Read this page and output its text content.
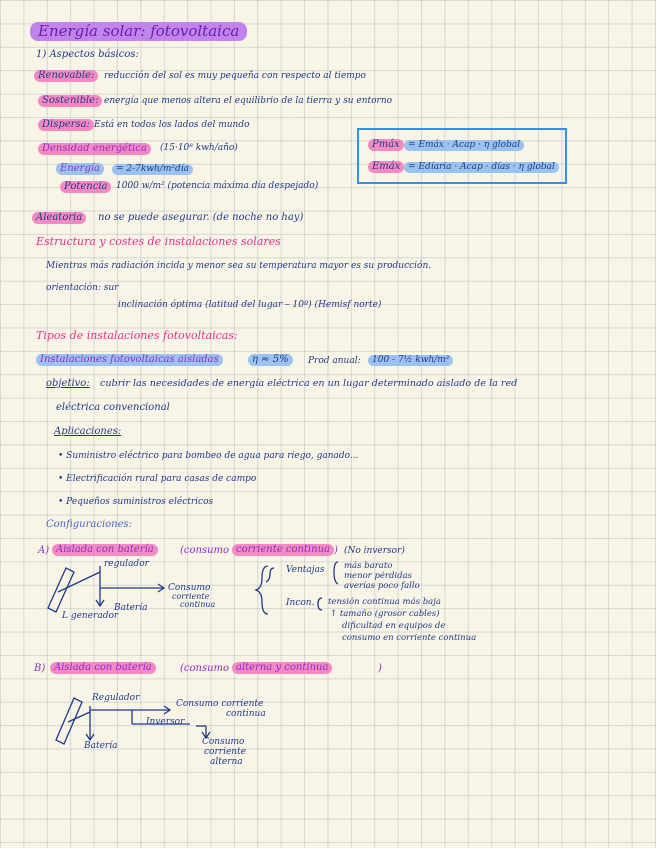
Energía solar: fotovoltaica
1) Aspectos básicos:
Renovable:	reducción del sol es muy pequeña con respecto al tiempo
Sostenible: energía que menos altera el equilibrio de la tierra y su entorno
Dispersa: Está en todos los lados del mundo
Densidad energética	(15·10⁸ kwh/año)
Energía	= 2-7kwh/m²día
Potencia 1000 w/m² (potencia máxima día despejado)
Pmáx = Emáx · Acap · η global
Emáx = Edíaria · Acap · días · η global
Aleatoria	no se puede asegurar. (de noche no hay)
Estructura y costes de instalaciones solares
Mientras más radiación incida y menor sea su temperatura mayor es su producción.
orientación: sur
inclinación óptima (latitud del lugar – 10º) (Hemisf norte)
Tipos de instalaciones fotovoltaicas:
Instalaciones fotovoltaicas aisladas	η ≈ 5%	Prod anual:	100 - 7½ kwh/m²
objetivo: cubrir las necesidades de energía eléctrica en un lugar determinado aislado de la red
eléctrica convencional
Aplicaciones:
• Suministro eléctrico para bombeo de agua para riego, ganado...
• Electrificación rural para casas de campo
• Pequeños suministros eléctricos
Configuraciones:
A) Aislada con batería	(consumo corriente continua ) (No inversor)
regulador
Consumo
corriente
continua
Batería
L generador
Ventajas más barato
menor pérdidas
averías poco fallo
Incon. tensión continua más baja
↑ tamaño (grosor cables)
dificultad en equipos de
consumo en corriente continua
B) Aislada con batería	(consumo alterna y continua	)
Regulador
Consumo corriente
continua
Inversor
Batería	Consumo
corriente
alterna
